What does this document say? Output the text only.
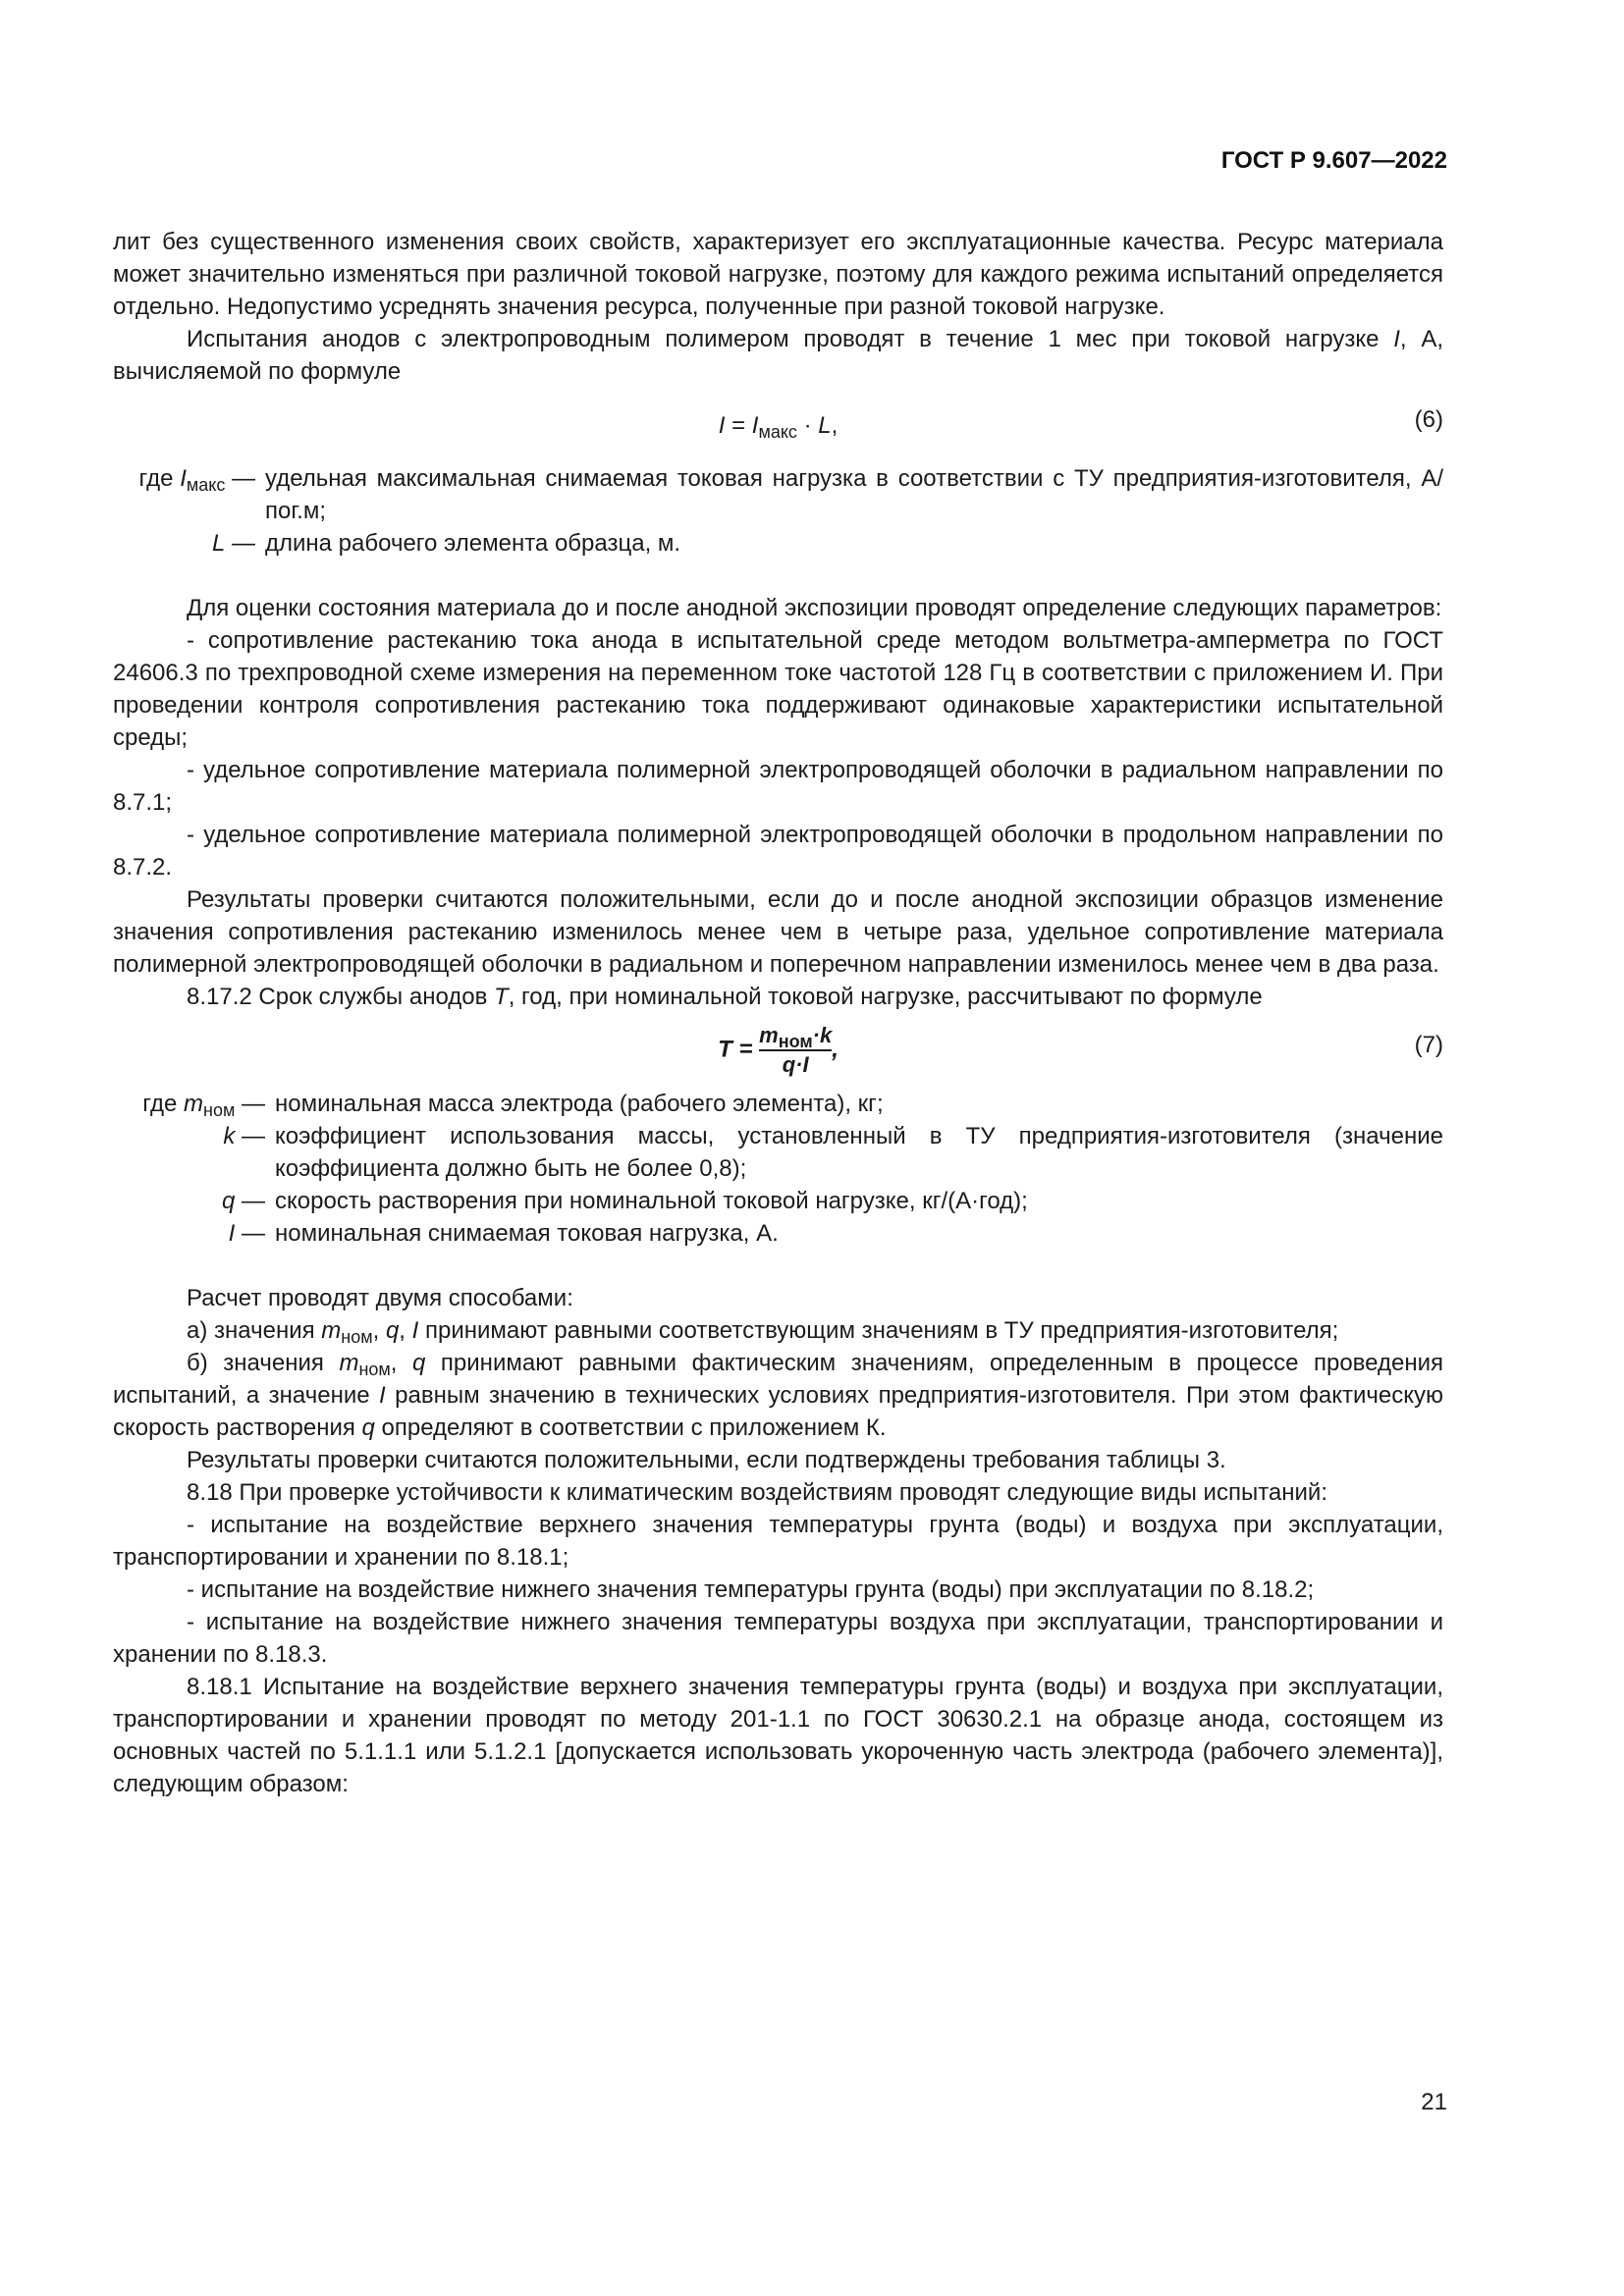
ГОСТ Р 9.607—2022

лит без существенного изменения своих свойств, характеризует его эксплуатационные качества. Ресурс материала может значительно изменяться при различной токовой нагрузке, поэтому для каждого режима испытаний определяется отдельно. Недопустимо усреднять значения ресурса, полученные при разной токовой нагрузке.

Испытания анодов с электропроводным полимером проводят в течение 1 мес при токовой нагрузке I, А, вычисляемой по формуле

$I = I_{макс} \cdot L$,	(6)
где $I_{макс}$ — удельная максимальная снимаемая токовая нагрузка в соответствии с ТУ предприятия-изготовителя, А/пог.м;
L — длина рабочего элемента образца, м.

Для оценки состояния материала до и после анодной экспозиции проводят определение следующих параметров:

- сопротивление растеканию тока анода в испытательной среде методом вольтметра-амперметра по ГОСТ 24606.3 по трехпроводной схеме измерения на переменном токе частотой 128 Гц в соответствии с приложением И. При проведении контроля сопротивления растеканию тока поддерживают одинаковые характеристики испытательной среды;

- удельное сопротивление материала полимерной электропроводящей оболочки в радиальном направлении по 8.7.1;

- удельное сопротивление материала полимерной электропроводящей оболочки в продольном направлении по 8.7.2.

Результаты проверки считаются положительными, если до и после анодной экспозиции образцов изменение значения сопротивления растеканию изменилось менее чем в четыре раза, удельное сопротивление материала полимерной электропроводящей оболочки в радиальном и поперечном направлении изменилось менее чем в два раза.

8.17.2 Срок службы анодов T, год, при номинальной токовой нагрузке, рассчитывают по формуле

$T = \frac{m_{ном}\cdot k}{q\cdot I}$ ,	(7)
где $m_{ном}$ — номинальная масса электрода (рабочего элемента), кг;
k — коэффициент использования массы, установленный в ТУ предприятия-изготовителя (значение коэффициента должно быть не более 0,8);
q — скорость растворения при номинальной токовой нагрузке, кг/(А·год);
I — номинальная снимаемая токовая нагрузка, А.

Расчет проводят двумя способами:

а) значения $m_{ном}$, q, I принимают равными соответствующим значениям в ТУ предприятия-изготовителя;

б) значения $m_{ном}$, q принимают равными фактическим значениям, определенным в процессе проведения испытаний, а значение I равным значению в технических условиях предприятия-изготовителя. При этом фактическую скорость растворения q определяют в соответствии с приложением К.

Результаты проверки считаются положительными, если подтверждены требования таблицы 3.

8.18 При проверке устойчивости к климатическим воздействиям проводят следующие виды испытаний:

- испытание на воздействие верхнего значения температуры грунта (воды) и воздуха при эксплуатации, транспортировании и хранении по 8.18.1;

- испытание на воздействие нижнего значения температуры грунта (воды) при эксплуатации по 8.18.2;

- испытание на воздействие нижнего значения температуры воздуха при эксплуатации, транспортировании и хранении по 8.18.3.

8.18.1 Испытание на воздействие верхнего значения температуры грунта (воды) и воздуха при эксплуатации, транспортировании и хранении проводят по методу 201-1.1 по ГОСТ 30630.2.1 на образце анода, состоящем из основных частей по 5.1.1.1 или 5.1.2.1 [допускается использовать укороченную часть электрода (рабочего элемента)], следующим образом:

21
